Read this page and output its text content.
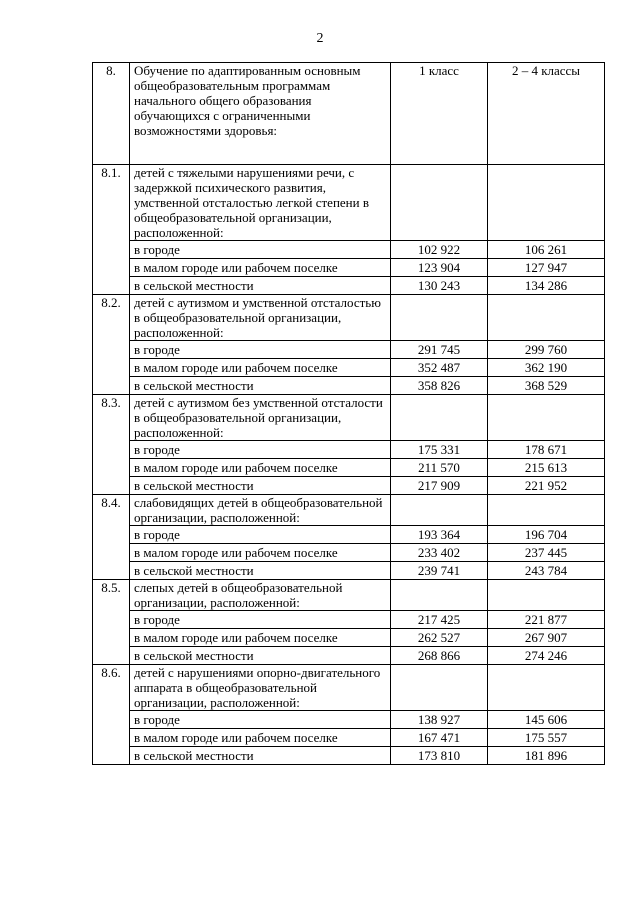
2
8.	Обучение по адаптированным основным общеобразовательным программам начального общего образования обучающихся с ограниченными возможностями здоровья:	1 класс	2 – 4 классы
8.1.	детей с тяжелыми нарушениями речи, с задержкой психического развития, умственной отсталостью легкой степени в общеобразовательной организации, расположенной:		
	в городе	102 922	106 261
	в малом городе или рабочем поселке	123 904	127 947
	в сельской местности	130 243	134 286
8.2.	детей с аутизмом и умственной отсталостью в общеобразовательной организации, расположенной:		
	в городе	291 745	299 760
	в малом городе или рабочем поселке	352 487	362 190
	в сельской местности	358 826	368 529
8.3.	детей с аутизмом без умственной отсталости в общеобразовательной организации, расположенной:		
	в городе	175 331	178 671
	в малом городе или рабочем поселке	211 570	215 613
	в сельской местности	217 909	221 952
8.4.	слабовидящих детей в общеобразовательной организации, расположенной:		
	в городе	193 364	196 704
	в малом городе или рабочем поселке	233 402	237 445
	в сельской местности	239 741	243 784
8.5.	слепых детей в общеобразовательной организации, расположенной:		
	в городе	217 425	221 877
	в малом городе или рабочем поселке	262 527	267 907
	в сельской местности	268 866	274 246
8.6.	детей с нарушениями опорно-двигательного аппарата в общеобразовательной организации, расположенной:		
	в городе	138 927	145 606
	в малом городе или рабочем поселке	167 471	175 557
	в сельской местности	173 810	181 896
